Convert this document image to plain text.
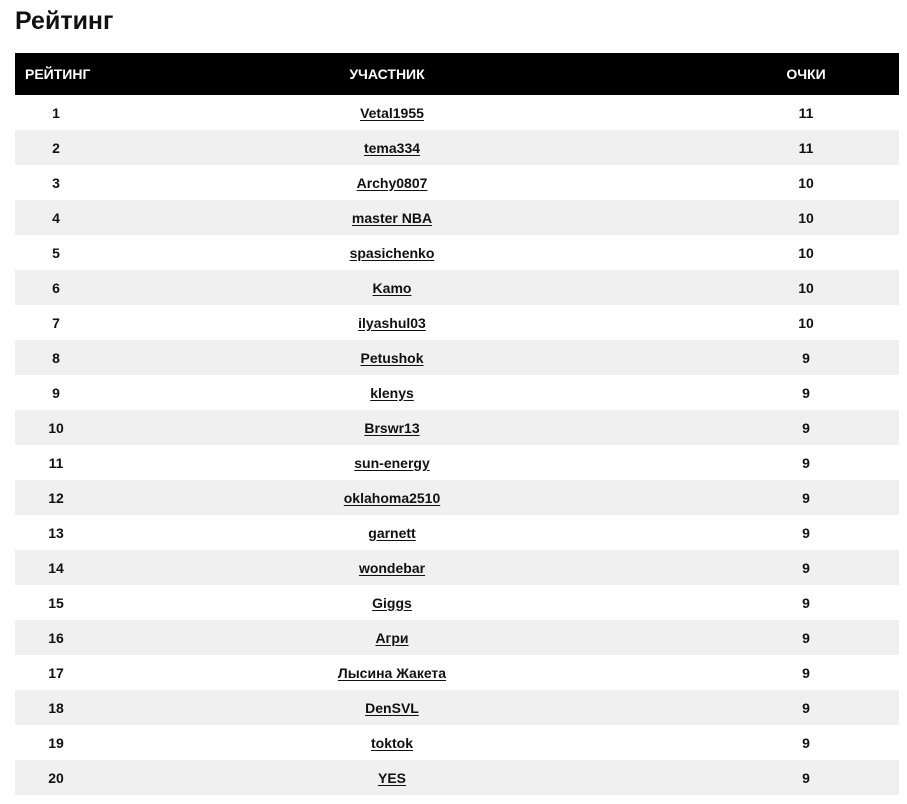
Рейтинг
РЕЙТИНГ	УЧАСТНИК	ОЧКИ
1	Vetal1955	11
2	tema334	11
3	Archy0807	10
4	master NBA	10
5	spasichenko	10
6	Kamo	10
7	ilyashul03	10
8	Petushok	9
9	klenys	9
10	Brswr13	9
11	sun-energy	9
12	oklahoma2510	9
13	garnett	9
14	wondebar	9
15	Giggs	9
16	Агри	9
17	Лысина Жакета	9
18	DenSVL	9
19	toktok	9
20	YES	9
